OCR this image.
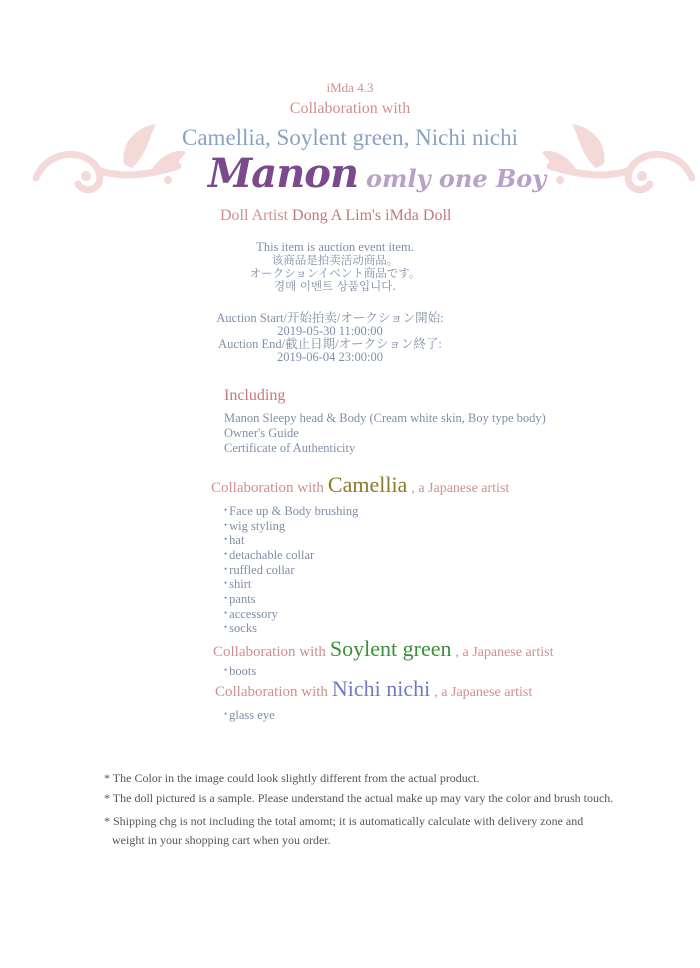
iMda 4.3
Collaboration with
Camellia, Soylent green, Nichi nichi
Manon omly one Boy
Doll Artist Dong A Lim's iMda Doll
This item is auction event item.
该商品是拍卖活动商品。
オークションイベント商品です。
경매 이벤트 상품입니다.
Auction Start/开始拍卖/オークション開始:
2019-05-30 11:00:00
Auction End/截止日期/オークション終了:
2019-06-04 23:00:00
Including
Manon Sleepy head & Body (Cream white skin, Boy type body)
Owner's Guide
Certificate of Authenticity
Collaboration with Camellia , a Japanese artist
• Face up & Body brushing
• wig styling
• hat
• detachable collar
• ruffled collar
• shirt
• pants
• accessory
• socks
Collaboration with Soylent green , a Japanese artist
• boots
Collaboration with Nichi nichi , a Japanese artist
• glass eye
* The Color in the image could look slightly different from the actual product.
* The doll pictured is a sample. Please understand the actual make up may vary the color and brush touch.
* Shipping chg is not including the total amomt; it is automatically calculate with delivery zone and
weight in your shopping cart when you order.
